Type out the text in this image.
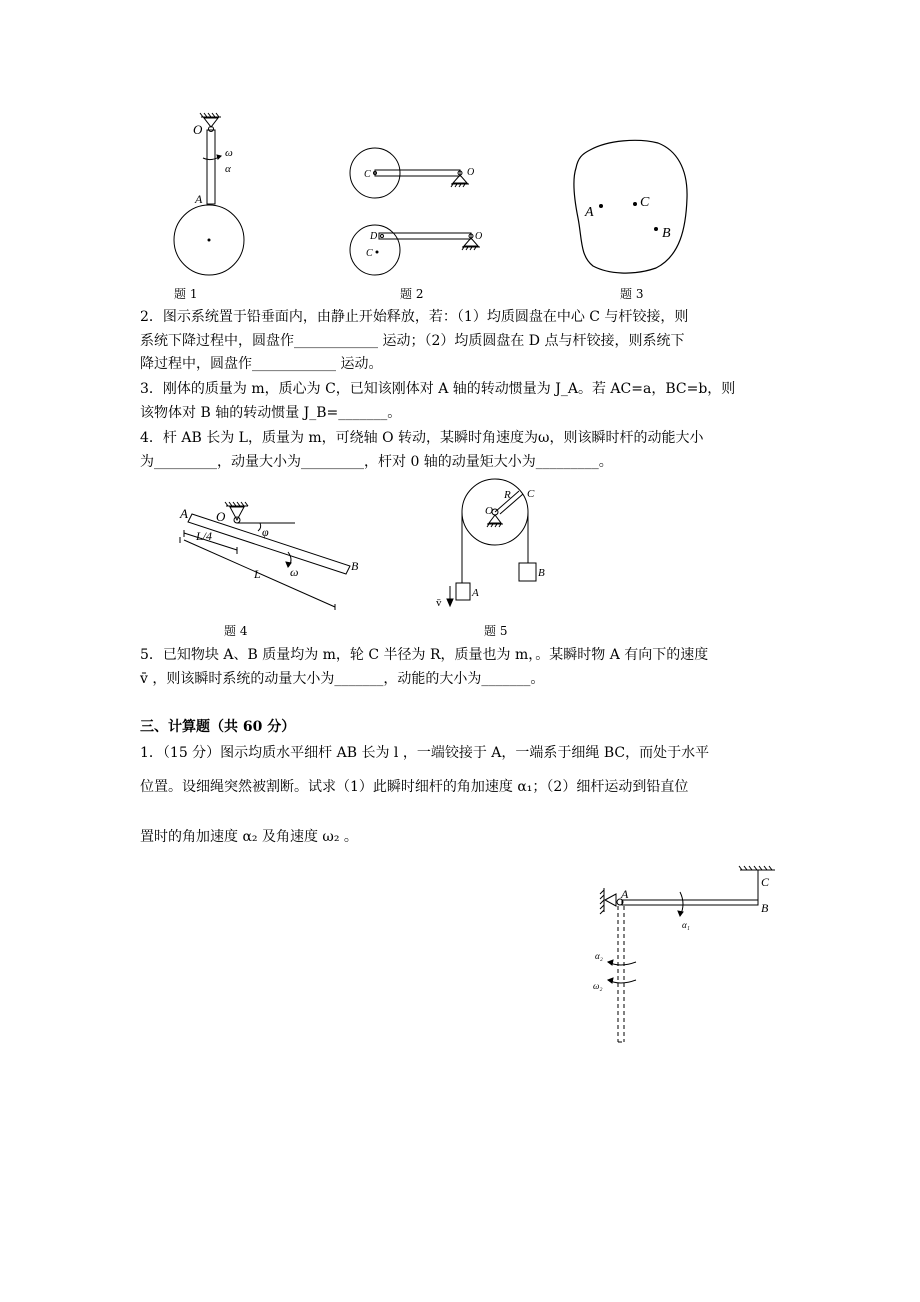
O
ω
α
A
题 1
C	O
D
C
O
题 2
A
C
B
题 3
2．图示系统置于铅垂面内，由静止开始释放，若：（1）均质圆盘在中心 C 与杆铰接，则
系统下降过程中，圆盘作____________ 运动；（2）均质圆盘在 D 点与杆铰接，则系统下
降过程中，圆盘作____________ 运动。
3．刚体的质量为 m，质心为 C，已知该刚体对 A 轴的转动惯量为 J_A。若 AC=a，BC=b，则
该物体对 B 轴的转动惯量 J_B=_______。
4．杆 AB 长为 L，质量为 m，可绕轴 O 转动，某瞬时角速度为ω，则该瞬时杆的动能大小
为_________，动量大小为_________，杆对 0 轴的动量矩大小为_________。
A O
φ
L/4
L ω	B
题 4
R C
O
B
A
v̄
题 5
5．已知物块 A、B 质量均为 m，轮 C 半径为 R，质量也为 m，。某瞬时物 A 有向下的速度
v̄ ，则该瞬时系统的动量大小为_______，动能的大小为_______。
三、计算题（共 60 分）
1．（15 分）图示均质水平细杆 AB 长为 l ，一端铰接于 A，一端系于细绳 BC，而处于水平
位置。设细绳突然被割断。试求（1）此瞬时细杆的角加速度 α₁；（2）细杆运动到铅直位
置时的角加速度 α₂ 及角速度 ω₂ 。
A
C
B
α₁
α₂
ω₂
